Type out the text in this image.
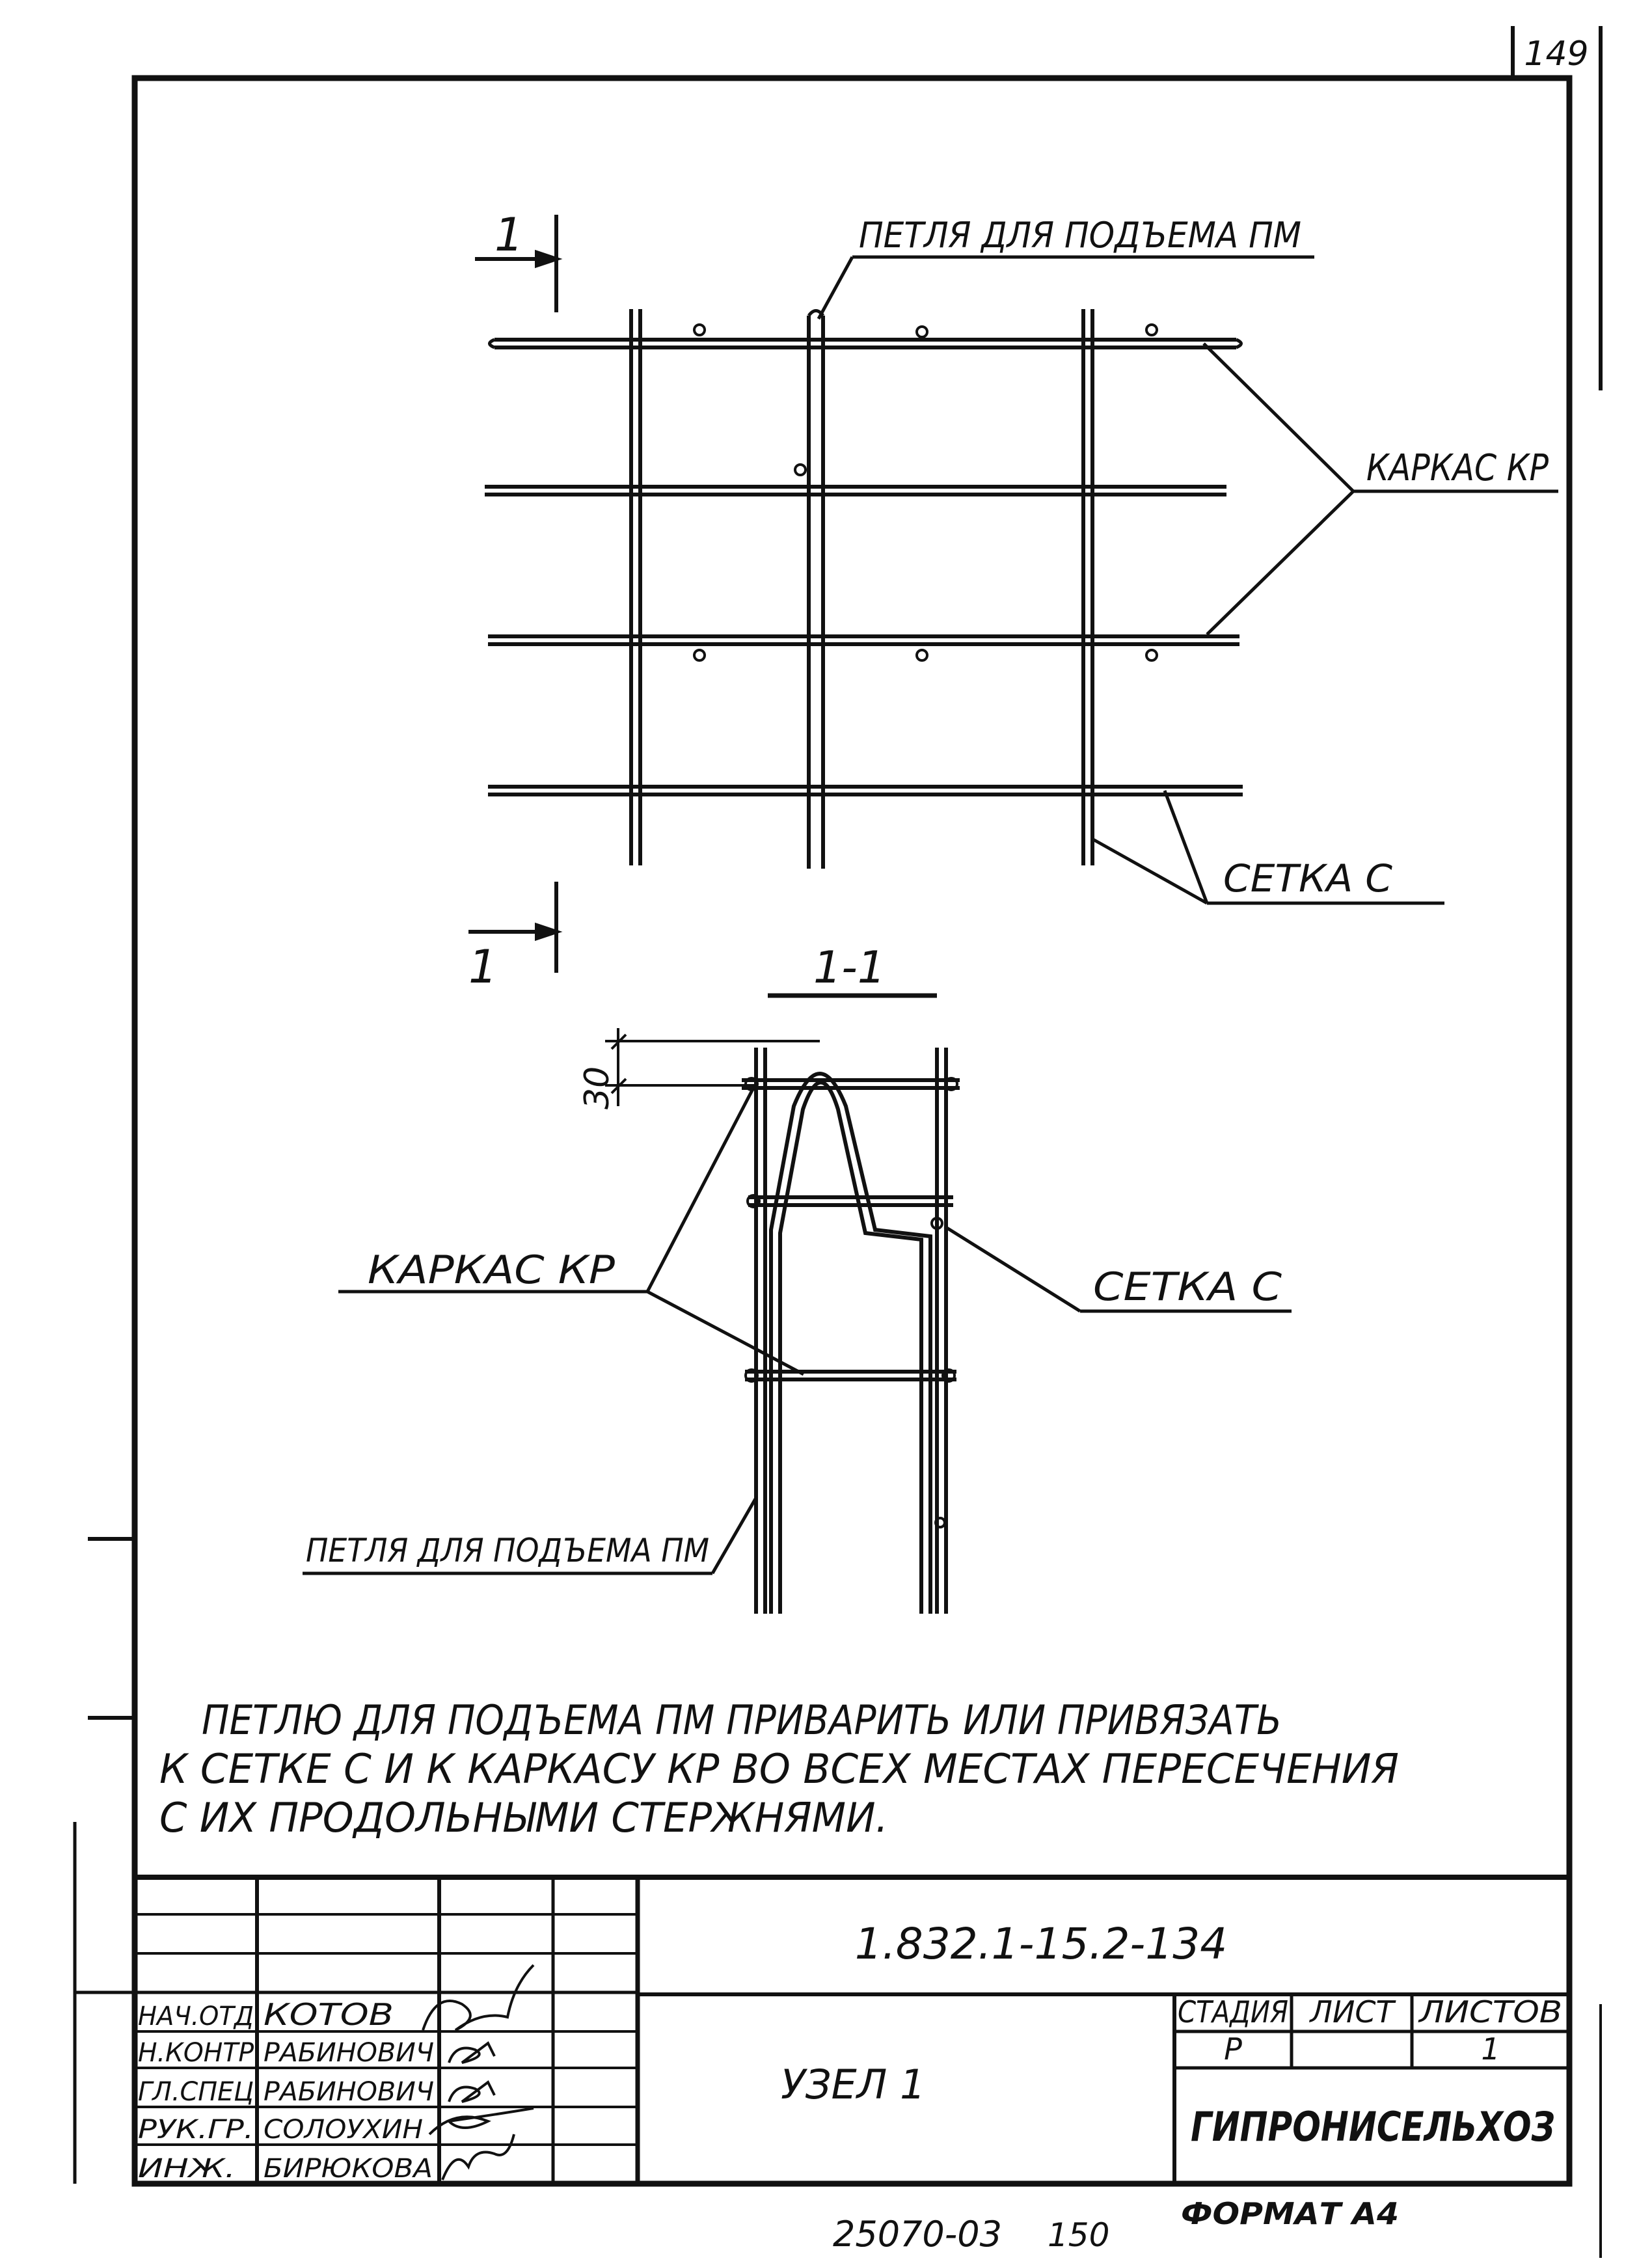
149
1
1
ПЕТЛЯ ДЛЯ ПОДЪЕМА ПМ
КАРКАС КР
СЕТКА С
1-1
30
КАРКАС КР	СЕТКА С
ПЕТЛЯ ДЛЯ ПОДЪЕМА ПМ
ПЕТЛЮ ДЛЯ ПОДЪЕМА ПМ ПРИВАРИТЬ ИЛИ ПРИВЯЗАТЬ
К СЕТКЕ С И К КАРКАСУ КР ВО ВСЕХ МЕСТАХ ПЕРЕСЕЧЕНИЯ
С ИХ ПРОДОЛЬНЫМИ СТЕРЖНЯМИ.
1.832.1-15.2-134
УЗЕЛ 1
СТАДИЯ ЛИСТ ЛИСТОВ
Р	1
ГИПРОНИСЕЛЬХОЗ
НАЧ.ОТД
Н.КОНТР
ГЛ.СПЕЦ
РУК.ГР.
ИНЖ.
КОТОВ
РАБИНОВИЧ
РАБИНОВИЧ
СОЛОУХИН
БИРЮКОВА
25070-03 150
ФОРМАТ А4
